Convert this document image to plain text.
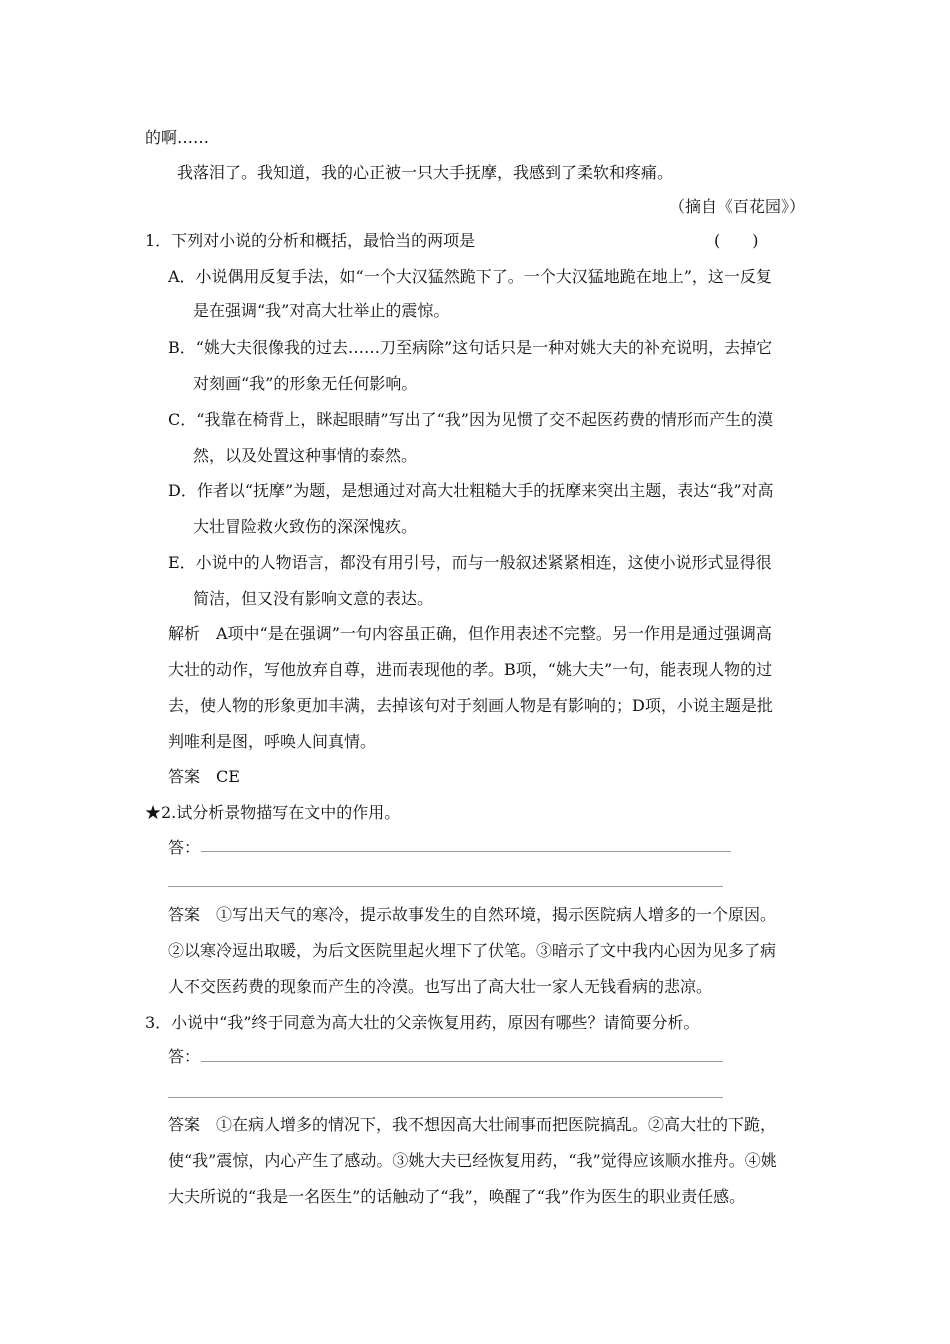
的啊……
我落泪了。我知道，我的心正被一只大手抚摩，我感到了柔软和疼痛。
（摘自《百花园》）
1．下列对小说的分析和概括，最恰当的两项是	(　　)
A．小说偶用反复手法，如“一个大汉猛然跪下了。一个大汉猛地跪在地上”，这一反复
是在强调“我”对高大壮举止的震惊。
B．“姚大夫很像我的过去……刀至病除”这句话只是一种对姚大夫的补充说明，去掉它
对刻画“我”的形象无任何影响。
C．“我靠在椅背上，眯起眼睛”写出了“我”因为见惯了交不起医药费的情形而产生的漠
然，以及处置这种事情的泰然。
D．作者以“抚摩”为题，是想通过对高大壮粗糙大手的抚摩来突出主题，表达“我”对高
大壮冒险救火致伤的深深愧疚。
E．小说中的人物语言，都没有用引号，而与一般叙述紧紧相连，这使小说形式显得很
简洁，但又没有影响文意的表达。
解析　A项中“是在强调”一句内容虽正确，但作用表述不完整。另一作用是通过强调高
大壮的动作，写他放弃自尊，进而表现他的孝。B项，“姚大夫”一句，能表现人物的过
去，使人物的形象更加丰满，去掉该句对于刻画人物是有影响的；D项，小说主题是批
判唯利是图，呼唤人间真情。
答案　CE
★2.试分析景物描写在文中的作用。
答：
答案　①写出天气的寒冷，提示故事发生的自然环境，揭示医院病人增多的一个原因。
②以寒冷逗出取暖，为后文医院里起火埋下了伏笔。③暗示了文中我内心因为见多了病
人不交医药费的现象而产生的冷漠。也写出了高大壮一家人无钱看病的悲凉。
3．小说中“我”终于同意为高大壮的父亲恢复用药，原因有哪些？请简要分析。
答：
答案　①在病人增多的情况下，我不想因高大壮闹事而把医院搞乱。②高大壮的下跪，
使“我”震惊，内心产生了感动。③姚大夫已经恢复用药，“我”觉得应该顺水推舟。④姚
大夫所说的“我是一名医生”的话触动了“我”，唤醒了“我”作为医生的职业责任感。
